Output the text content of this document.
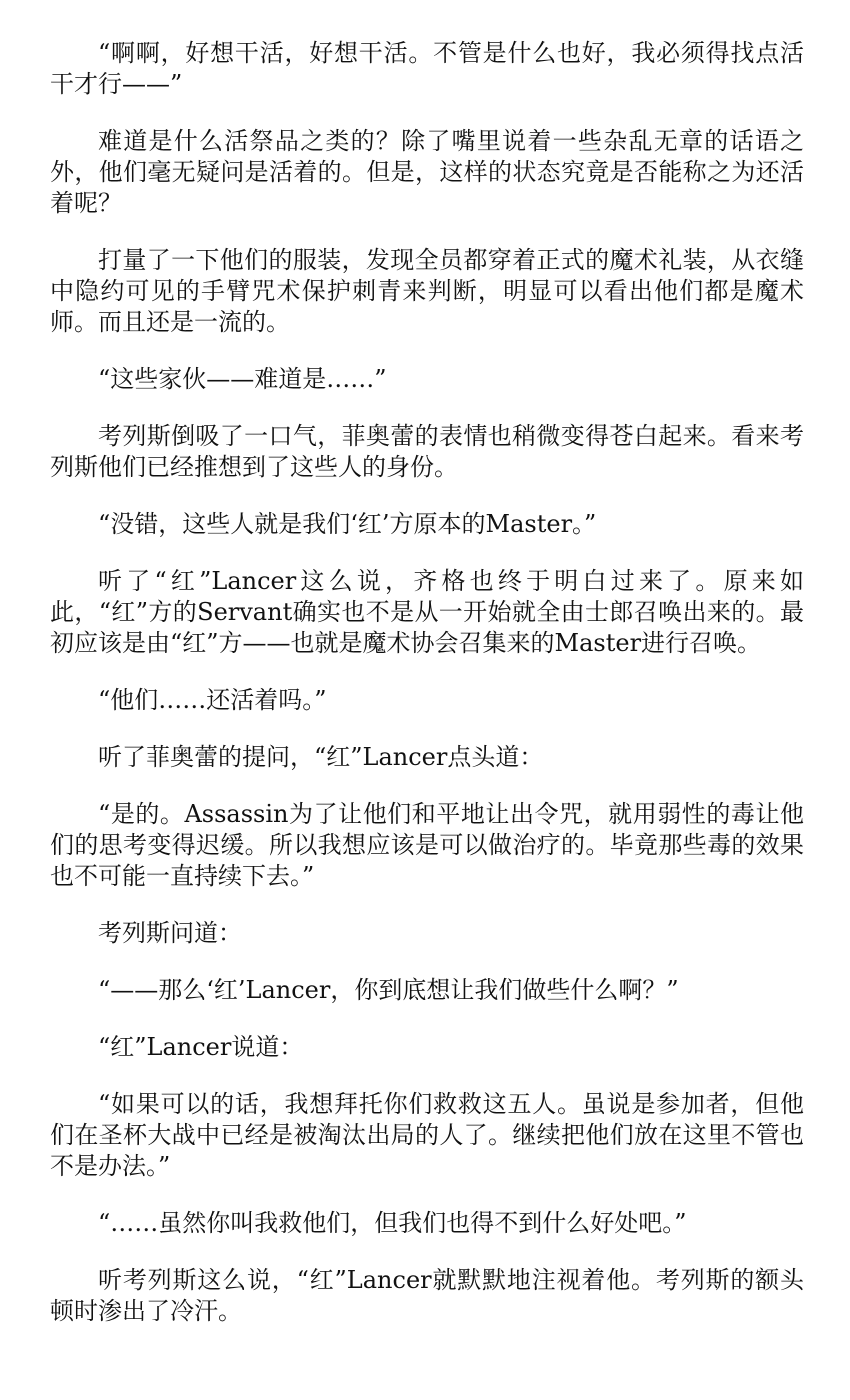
“啊啊，好想干活，好想干活。不管是什么也好，我必须得找点活干才行——”

难道是什么活祭品之类的？除了嘴里说着一些杂乱无章的话语之外，他们毫无疑问是活着的。但是，这样的状态究竟是否能称之为还活着呢？

打量了一下他们的服装，发现全员都穿着正式的魔术礼装，从衣缝中隐约可见的手臂咒术保护刺青来判断，明显可以看出他们都是魔术师。而且还是一流的。

“这些家伙——难道是……”

考列斯倒吸了一口气，菲奥蕾的表情也稍微变得苍白起来。看来考列斯他们已经推想到了这些人的身份。

“没错，这些人就是我们‘红’方原本的Master。”

听了“红”Lancer这么说，齐格也终于明白过来了。原来如此，“红”方的Servant确实也不是从一开始就全由士郎召唤出来的。最初应该是由“红”方——也就是魔术协会召集来的Master进行召唤。

“他们……还活着吗。”

听了菲奥蕾的提问，“红”Lancer点头道：

“是的。Assassin为了让他们和平地让出令咒，就用弱性的毒让他们的思考变得迟缓。所以我想应该是可以做治疗的。毕竟那些毒的效果也不可能一直持续下去。”

考列斯问道：

“——那么‘红’Lancer，你到底想让我们做些什么啊？”

“红”Lancer说道：

“如果可以的话，我想拜托你们救救这五人。虽说是参加者，但他们在圣杯大战中已经是被淘汰出局的人了。继续把他们放在这里不管也不是办法。”

“……虽然你叫我救他们，但我们也得不到什么好处吧。”

听考列斯这么说，“红”Lancer就默默地注视着他。考列斯的额头顿时渗出了冷汗。
